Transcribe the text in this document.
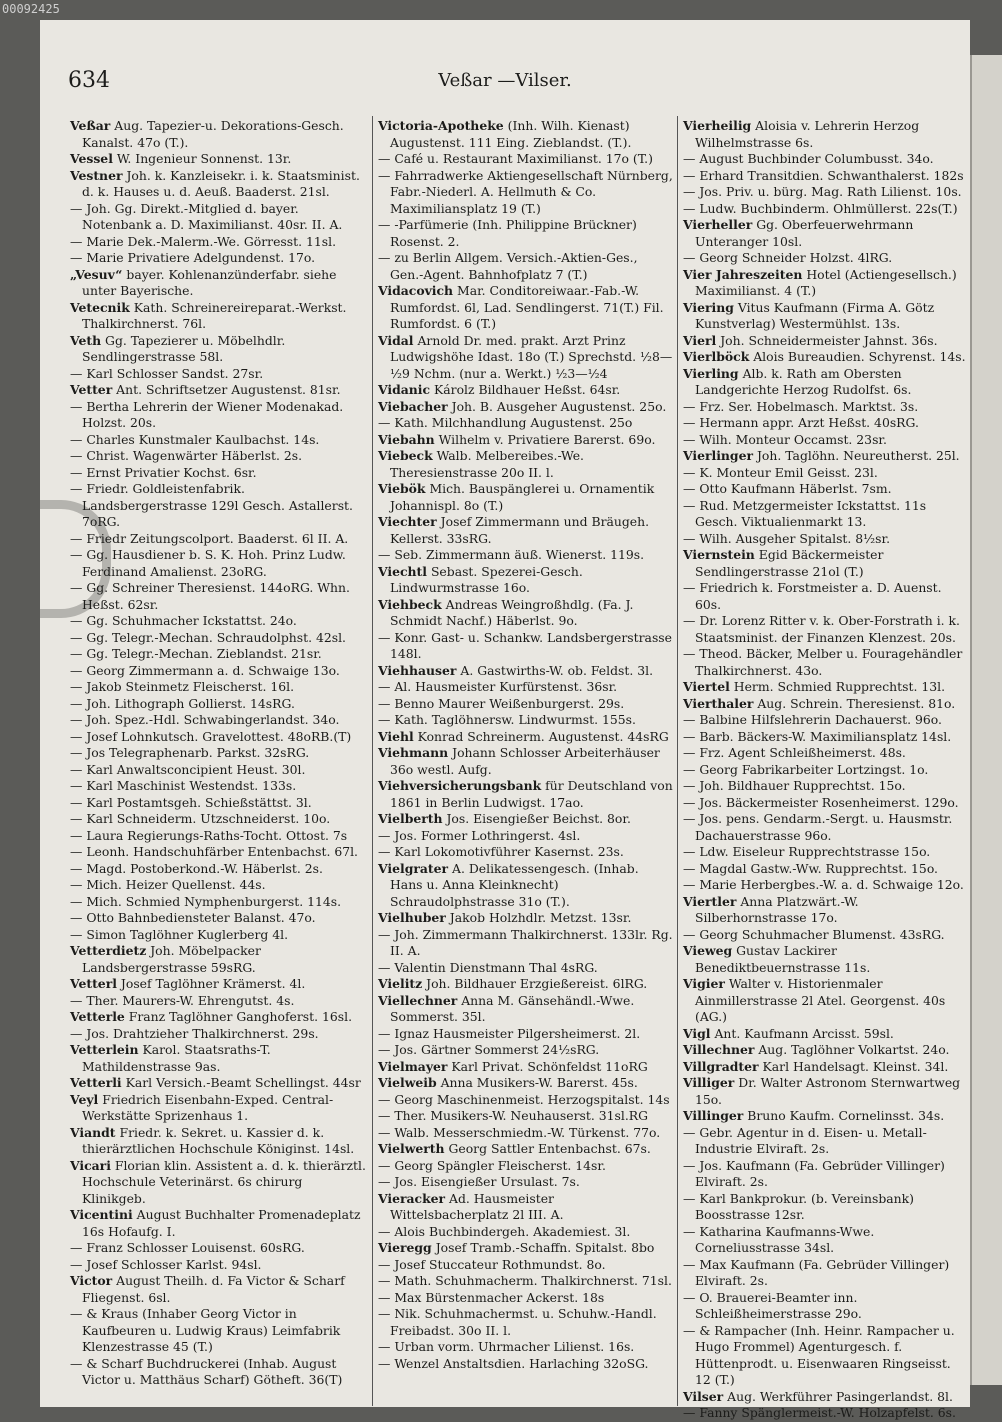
00092425
634	Veßar —Vilser.

Veßar Aug. Tapezier-u. Dekorations-Gesch. Kanalst. 47o (T.).

Vessel W. Ingenieur Sonnenst. 13r.

Vestner Joh. k. Kanzleisekr. i. k. Staatsminist. d. k. Hauses u. d. Aeuß. Baaderst. 21sl.

— Joh. Gg. Direkt.-Mitglied d. bayer. Notenbank a. D. Maximilianst. 40sr. II. A.

— Marie Dek.-Malerm.-We. Görresst. 11sl.

— Marie Privatiere Adelgundenst. 17o.

„Vesuv“ bayer. Kohlenanzünderfabr. siehe unter Bayerische.

Vetecnik Kath. Schreinereireparat.-Werkst. Thalkirchnerst. 76l.

Veth Gg. Tapezierer u. Möbelhdlr. Sendlingerstrasse 58l.

— Karl Schlosser Sandst. 27sr.

Vetter Ant. Schriftsetzer Augustenst. 81sr.

— Bertha Lehrerin der Wiener Modenakad. Holzst. 20s.

— Charles Kunstmaler Kaulbachst. 14s.

— Christ. Wagenwärter Häberlst. 2s.

— Ernst Privatier Kochst. 6sr.

— Friedr. Goldleistenfabrik. Landsbergerstrasse 129l Gesch. Astallerst. 7oRG.

— Friedr Zeitungscolport. Baaderst. 6l II. A.

— Gg. Hausdiener b. S. K. Hoh. Prinz Ludw. Ferdinand Amalienst. 23oRG.

— Gg. Schreiner Theresienst. 144oRG. Whn. Heßst. 62sr.

— Gg. Schuhmacher Ickstattst. 24o.

— Gg. Telegr.-Mechan. Schraudolphst. 42sl.

— Gg. Telegr.-Mechan. Zieblandst. 21sr.

— Georg Zimmermann a. d. Schwaige 13o.

— Jakob Steinmetz Fleischerst. 16l.

— Joh. Lithograph Gollierst. 14sRG.

— Joh. Spez.-Hdl. Schwabingerlandst. 34o.

— Josef Lohnkutsch. Gravelottest. 48oRB.(T)

— Jos Telegraphenarb. Parkst. 32sRG.

— Karl Anwaltsconcipient Heust. 30l.

— Karl Maschinist Westendst. 133s.

— Karl Postamtsgeh. Schießstättst. 3l.

— Karl Schneiderm. Utzschneiderst. 10o.

— Laura Regierungs-Raths-Tocht. Ottost. 7s

— Leonh. Handschuhfärber Entenbachst. 67l.

— Magd. Postoberkond.-W. Häberlst. 2s.

— Mich. Heizer Quellenst. 44s.

— Mich. Schmied Nymphenburgerst. 114s.

— Otto Bahnbediensteter Balanst. 47o.

— Simon Taglöhner Kuglerberg 4l.

Vetterdietz Joh. Möbelpacker Landsbergerstrasse 59sRG.

Vetterl Josef Taglöhner Krämerst. 4l.

— Ther. Maurers-W. Ehrengutst. 4s.

Vetterle Franz Taglöhner Ganghoferst. 16sl.

— Jos. Drahtzieher Thalkirchnerst. 29s.

Vetterlein Karol. Staatsraths-T. Mathildenstrasse 9as.

Vetterli Karl Versich.-Beamt Schellingst. 44sr

Veyl Friedrich Eisenbahn-Exped. Central-Werkstätte Sprizenhaus 1.

Viandt Friedr. k. Sekret. u. Kassier d. k. thierärztlichen Hochschule Königinst. 14sl.

Vicari Florian klin. Assistent a. d. k. thierärztl. Hochschule Veterinärst. 6s chirurg Klinikgeb.

Vicentini August Buchhalter Promenadeplatz 16s Hofaufg. I.

— Franz Schlosser Louisenst. 60sRG.

— Josef Schlosser Karlst. 94sl.

Victor August Theilh. d. Fa Victor & Scharf Fliegenst. 6sl.

— & Kraus (Inhaber Georg Victor in Kaufbeuren u. Ludwig Kraus) Leimfabrik Klenzestrasse 45 (T.)

— & Scharf Buchdruckerei (Inhab. August Victor u. Matthäus Scharf) Götheft. 36(T)

Victoria-Apotheke (Inh. Wilh. Kienast) Augustenst. 111 Eing. Zieblandst. (T.).

— Café u. Restaurant Maximilianst. 17o (T.)

— Fahrradwerke Aktiengesellschaft Nürnberg, Fabr.-Niederl. A. Hellmuth & Co. Maximiliansplatz 19 (T.)

— -Parfümerie (Inh. Philippine Brückner) Rosenst. 2.

— zu Berlin Allgem. Versich.-Aktien-Ges., Gen.-Agent. Bahnhofplatz 7 (T.)

Vidacovich Mar. Conditoreiwaar.-Fab.-W. Rumfordst. 6l, Lad. Sendlingerst. 71(T.) Fil. Rumfordst. 6 (T.)

Vidal Arnold Dr. med. prakt. Arzt Prinz Ludwigshöhe Idast. 18o (T.) Sprechstd. ½8—½9 Nchm. (nur a. Werkt.) ½3—½4

Vidanic Károlz Bildhauer Heßst. 64sr.

Viebacher Joh. B. Ausgeher Augustenst. 25o.

— Kath. Milchhandlung Augustenst. 25o

Viebahn Wilhelm v. Privatiere Barerst. 69o.

Viebeck Walb. Melbereibes.-We. Theresienstrasse 20o II. l.

Viebök Mich. Bauspänglerei u. Ornamentik Johannispl. 8o (T.)

Viechter Josef Zimmermann und Bräugeh. Kellerst. 33sRG.

— Seb. Zimmermann äuß. Wienerst. 119s.

Viechtl Sebast. Spezerei-Gesch. Lindwurmstrasse 16o.

Viehbeck Andreas Weingroßhdlg. (Fa. J. Schmidt Nachf.) Häberlst. 9o.

— Konr. Gast- u. Schankw. Landsbergerstrasse 148l.

Viehhauser A. Gastwirths-W. ob. Feldst. 3l.

— Al. Hausmeister Kurfürstenst. 36sr.

— Benno Maurer Weißenburgerst. 29s.

— Kath. Taglöhnersw. Lindwurmst. 155s.

Viehl Konrad Schreinerm. Augustenst. 44sRG

Viehmann Johann Schlosser Arbeiterhäuser 36o westl. Aufg.

Viehversicherungsbank für Deutschland von 1861 in Berlin Ludwigst. 17ao.

Vielberth Jos. Eisengießer Beichst. 8or.

— Jos. Former Lothringerst. 4sl.

— Karl Lokomotivführer Kasernst. 23s.

Vielgrater A. Delikatessengesch. (Inhab. Hans u. Anna Kleinknecht) Schraudolphstrasse 31o (T.).

Vielhuber Jakob Holzhdlr. Metzst. 13sr.

— Joh. Zimmermann Thalkirchnerst. 133lr. Rg. II. A.

— Valentin Dienstmann Thal 4sRG.

Vielitz Joh. Bildhauer Erzgießereist. 6lRG.

Viellechner Anna M. Gänsehändl.-Wwe. Sommerst. 35l.

— Ignaz Hausmeister Pilgersheimerst. 2l.

— Jos. Gärtner Sommerst 24½sRG.

Vielmayer Karl Privat. Schönfeldst 11oRG

Vielweib Anna Musikers-W. Barerst. 45s.

— Georg Maschinenmeist. Herzogspitalst. 14s

— Ther. Musikers-W. Neuhauserst. 31sl.RG

— Walb. Messerschmiedm.-W. Türkenst. 77o.

Vielwerth Georg Sattler Entenbachst. 67s.

— Georg Spängler Fleischerst. 14sr.

— Jos. Eisengießer Ursulast. 7s.

Vieracker Ad. Hausmeister Wittelsbacherplatz 2l III. A.

— Alois Buchbindergeh. Akademiest. 3l.

Vieregg Josef Tramb.-Schaffn. Spitalst. 8bo

— Josef Stuccateur Rothmundst. 8o.

— Math. Schuhmacherm. Thalkirchnerst. 71sl.

— Max Bürstenmacher Ackerst. 18s

— Nik. Schuhmachermst. u. Schuhw.-Handl. Freibadst. 30o II. l.

— Urban vorm. Uhrmacher Lilienst. 16s.

— Wenzel Anstaltsdien. Harlaching 32oSG.

Vierheilig Aloisia v. Lehrerin Herzog Wilhelmstrasse 6s.

— August Buchbinder Columbusst. 34o.

— Erhard Transitdien. Schwanthalerst. 182s

— Jos. Priv. u. bürg. Mag. Rath Lilienst. 10s.

— Ludw. Buchbinderm. Ohlmüllerst. 22s(T.)

Vierheller Gg. Oberfeuerwehrmann Unteranger 10sl.

— Georg Schneider Holzst. 4lRG.

Vier Jahreszeiten Hotel (Actiengesellsch.) Maximilianst. 4 (T.)

Viering Vitus Kaufmann (Firma A. Götz Kunstverlag) Westermühlst. 13s.

Vierl Joh. Schneidermeister Jahnst. 36s.

Vierlböck Alois Bureaudien. Schyrenst. 14s.

Vierling Alb. k. Rath am Obersten Landgerichte Herzog Rudolfst. 6s.

— Frz. Ser. Hobelmasch. Marktst. 3s.

— Hermann appr. Arzt Heßst. 40sRG.

— Wilh. Monteur Occamst. 23sr.

Vierlinger Joh. Taglöhn. Neureutherst. 25l.

— K. Monteur Emil Geisst. 23l.

— Otto Kaufmann Häberlst. 7sm.

— Rud. Metzgermeister Ickstattst. 11s Gesch. Viktualienmarkt 13.

— Wilh. Ausgeher Spitalst. 8½sr.

Viernstein Egid Bäckermeister Sendlingerstrasse 21ol (T.)

— Friedrich k. Forstmeister a. D. Auenst. 60s.

— Dr. Lorenz Ritter v. k. Ober-Forstrath i. k. Staatsminist. der Finanzen Klenzest. 20s.

— Theod. Bäcker, Melber u. Fouragehändler Thalkirchnerst. 43o.

Viertel Herm. Schmied Rupprechtst. 13l.

Vierthaler Aug. Schrein. Theresienst. 81o.

— Balbine Hilfslehrerin Dachauerst. 96o.

— Barb. Bäckers-W. Maximiliansplatz 14sl.

— Frz. Agent Schleißheimerst. 48s.

— Georg Fabrikarbeiter Lortzingst. 1o.

— Joh. Bildhauer Rupprechtst. 15o.

— Jos. Bäckermeister Rosenheimerst. 129o.

— Jos. pens. Gendarm.-Sergt. u. Hausmstr. Dachauerstrasse 96o.

— Ldw. Eiseleur Rupprechtstrasse 15o.

— Magdal Gastw.-Ww. Rupprechtst. 15o.

— Marie Herbergbes.-W. a. d. Schwaige 12o.

Viertler Anna Platzwärt.-W. Silberhornstrasse 17o.

— Georg Schuhmacher Blumenst. 43sRG.

Vieweg Gustav Lackirer Benediktbeuernstrasse 11s.

Vigier Walter v. Historienmaler Ainmillerstrasse 2l Atel. Georgenst. 40s (AG.)

Vigl Ant. Kaufmann Arcisst. 59sl.

Villechner Aug. Taglöhner Volkartst. 24o.

Villgradter Karl Handelsagt. Kleinst. 34l.

Villiger Dr. Walter Astronom Sternwartweg 15o.

Villinger Bruno Kaufm. Cornelinsst. 34s.

— Gebr. Agentur in d. Eisen- u. Metall-Industrie Elviraft. 2s.

— Jos. Kaufmann (Fa. Gebrüder Villinger) Elviraft. 2s.

— Karl Bankprokur. (b. Vereinsbank) Boosstrasse 12sr.

— Katharina Kaufmanns-Wwe. Corneliusstrasse 34sl.

— Max Kaufmann (Fa. Gebrüder Villinger) Elviraft. 2s.

— O. Brauerei-Beamter inn. Schleißheimerstrasse 29o.

— & Rampacher (Inh. Heinr. Rampacher u. Hugo Frommel) Agenturgesch. f. Hüttenprodt. u. Eisenwaaren Ringseisst. 12 (T.)

Vilser Aug. Werkführer Pasingerlandst. 8l.

— Fanny Spänglermeist.-W. Holzapfelst. 6s.
